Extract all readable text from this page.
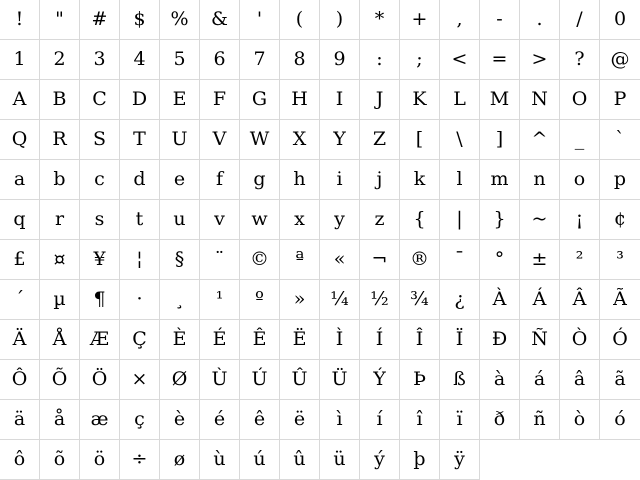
!	"	#	$	%	&	'	(	)	*	+	,	-	.	/	0
1	2	3	4	5	6	7	8	9	:	;	<	=	>	?	@
A	B	C	D	E	F	G	H	I	J	K	L	M	N	O	P
Q	R	S	T	U	V	W	X	Y	Z	[	\	]	^	_	`
a	b	c	d	e	f	g	h	i	j	k	l	m	n	o	p
q	r	s	t	u	v	w	x	y	z	{	|	}	~	¡	¢
£	¤	¥	¦	§	¨	©	ª	«	¬	®	¯	°	±	²	³
´	µ	¶	·	¸	¹	º	»	¼	½	¾	¿	À	Á	Â	Ã
Ä	Å	Æ	Ç	È	É	Ê	Ë	Ì	Í	Î	Ï	Ð	Ñ	Ò	Ó
Ô	Õ	Ö	×	Ø	Ù	Ú	Û	Ü	Ý	Þ	ß	à	á	â	ã
ä	å	æ	ç	è	é	ê	ë	ì	í	î	ï	ð	ñ	ò	ó
ô	õ	ö	÷	ø	ù	ú	û	ü	ý	þ	ÿ
